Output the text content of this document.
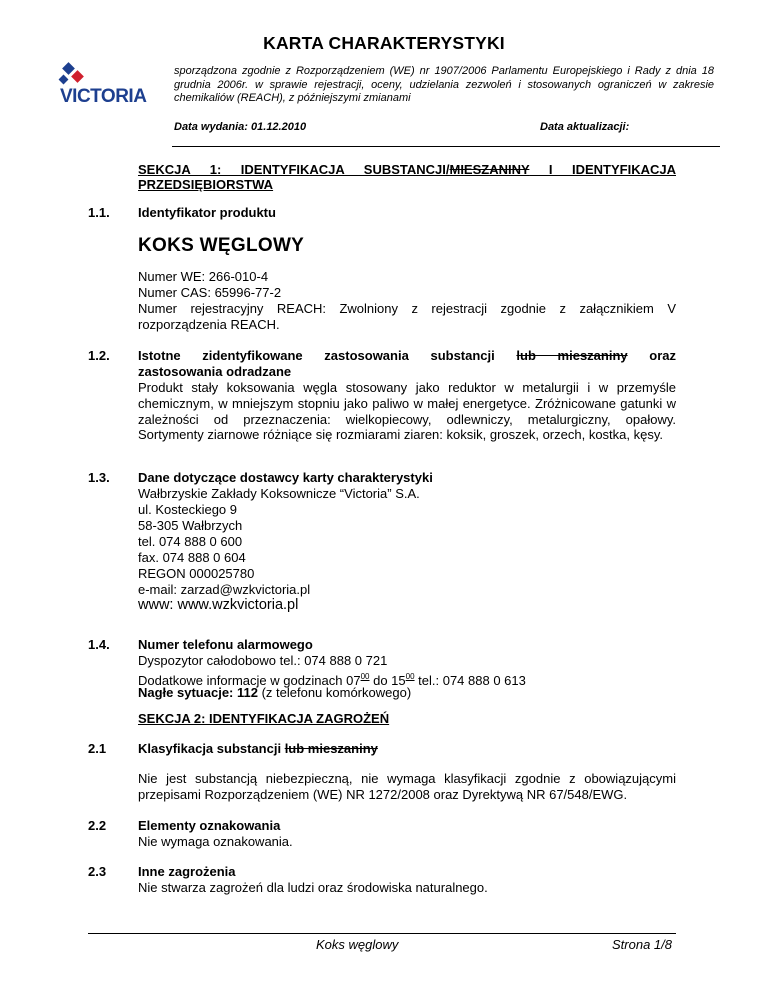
KARTA CHARAKTERYSTYKI
VICTORIA
sporządzona zgodnie z Rozporządzeniem (WE) nr 1907/2006 Parlamentu Europejskiego i Rady z dnia 18 grudnia 2006r. w sprawie rejestracji, oceny, udzielania zezwoleń i stosowanych ograniczeń w zakresie chemikaliów (REACH), z późniejszymi zmianami
Data wydania: 01.12.2010	Data aktualizacji:
SEKCJA 1: IDENTYFIKACJA SUBSTANCJI/MIESZANINY I IDENTYFIKACJA
PRZEDSIĘBIORSTWA
1.1. Identyfikator produktu
KOKS WĘGLOWY
Numer WE: 266-010-4
Numer CAS: 65996-77-2
Numer rejestracyjny REACH: Zwolniony z rejestracji zgodnie z załącznikiem V rozporządzenia REACH.
1.2. Istotne zidentyfikowane zastosowania substancji lub mieszaniny oraz
zastosowania odradzane
Produkt stały koksowania węgla stosowany jako reduktor w metalurgii i w przemyśle chemicznym, w mniejszym stopniu jako paliwo w małej energetyce. Zróżnicowane gatunki w zależności od przeznaczenia: wielkopiecowy, odlewniczy, metalurgiczny, opałowy. Sortymenty ziarnowe różniące się rozmiarami ziaren: koksik, groszek, orzech, kostka, kęsy.
1.3. Dane dotyczące dostawcy karty charakterystyki
Wałbrzyskie Zakłady Koksownicze “Victoria” S.A.
ul. Kosteckiego 9
58-305 Wałbrzych
tel. 074 888 0 600
fax. 074 888 0 604
REGON 000025780
e-mail: zarzad@wzkvictoria.pl
www: www.wzkvictoria.pl
1.4. Numer telefonu alarmowego
Dyspozytor całodobowo tel.: 074 888 0 721
Dodatkowe informacje w godzinach $07^{00}$ do $15^{00}$ tel.: 074 888 0 613
Nagłe sytuacje: 112 (z telefonu komórkowego)
SEKCJA 2: IDENTYFIKACJA ZAGROŻEŃ
2.1 Klasyfikacja substancji lub mieszaniny
Nie jest substancją niebezpieczną, nie wymaga klasyfikacji zgodnie z obowiązującymi przepisami Rozporządzeniem (WE) NR 1272/2008 oraz Dyrektywą NR 67/548/EWG.
2.2 Elementy oznakowania
Nie wymaga oznakowania.
2.3 Inne zagrożenia
Nie stwarza zagrożeń dla ludzi oraz środowiska naturalnego.
Koks węglowy	Strona 1/8
